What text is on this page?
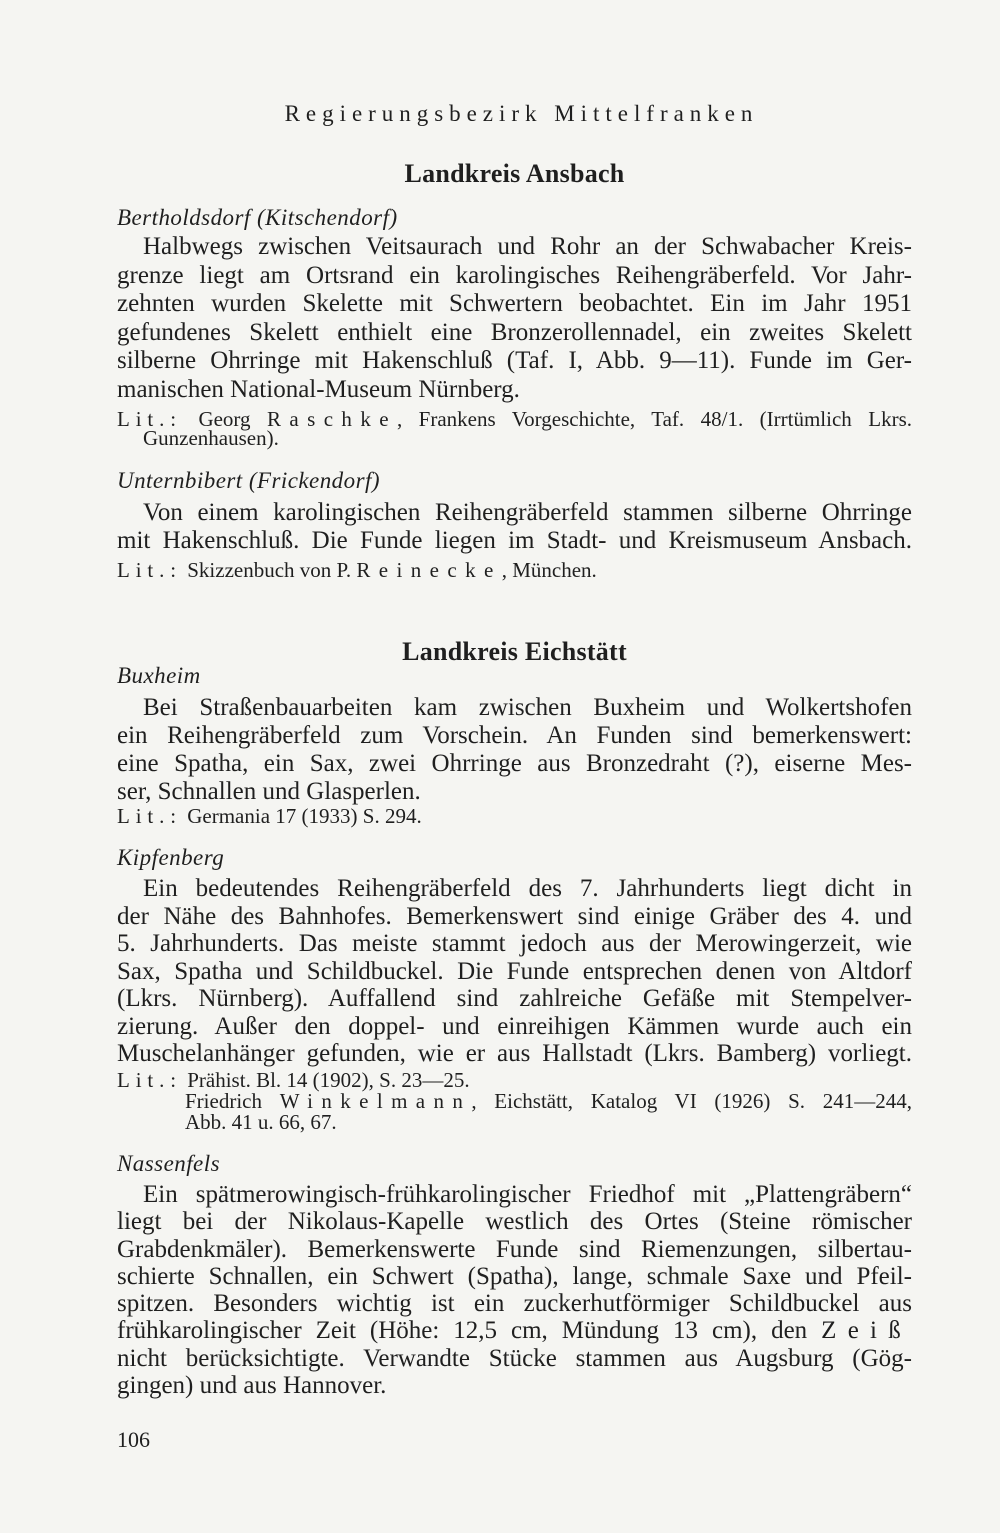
Regierungsbezirk Mittelfranken
Landkreis Ansbach
Bertholdsdorf (Kitschendorf)
Halbwegs zwischen Veitsaurach und Rohr an der Schwabacher Kreis-
grenze liegt am Ortsrand ein karolingisches Reihengräberfeld. Vor Jahr-
zehnten wurden Skelette mit Schwertern beobachtet. Ein im Jahr 1951
gefundenes Skelett enthielt eine Bronzerollennadel, ein zweites Skelett
silberne Ohrringe mit Hakenschluß (Taf. I, Abb. 9—11). Funde im Ger-
manischen National-Museum Nürnberg.
Lit.: Georg Raschke, Frankens Vorgeschichte, Taf. 48/1. (Irrtümlich Lkrs.
Gunzenhausen).
Unternbibert (Frickendorf)
Von einem karolingischen Reihengräberfeld stammen silberne Ohrringe
mit Hakenschluß. Die Funde liegen im Stadt- und Kreismuseum Ansbach.
Lit.: Skizzenbuch von P. Reinecke, München.
Landkreis Eichstätt
Buxheim
Bei Straßenbauarbeiten kam zwischen Buxheim und Wolkertshofen
ein Reihengräberfeld zum Vorschein. An Funden sind bemerkenswert:
eine Spatha, ein Sax, zwei Ohrringe aus Bronzedraht (?), eiserne Mes-
ser, Schnallen und Glasperlen.
Lit.: Germania 17 (1933) S. 294.
Kipfenberg
Ein bedeutendes Reihengräberfeld des 7. Jahrhunderts liegt dicht in
der Nähe des Bahnhofes. Bemerkenswert sind einige Gräber des 4. und
5. Jahrhunderts. Das meiste stammt jedoch aus der Merowingerzeit, wie
Sax, Spatha und Schildbuckel. Die Funde entsprechen denen von Altdorf
(Lkrs. Nürnberg). Auffallend sind zahlreiche Gefäße mit Stempelver-
zierung. Außer den doppel- und einreihigen Kämmen wurde auch ein
Muschelanhänger gefunden, wie er aus Hallstadt (Lkrs. Bamberg) vorliegt.
Lit.: Prähist. Bl. 14 (1902), S. 23—25.
Friedrich Winkelmann, Eichstätt, Katalog VI (1926) S. 241—244,
Abb. 41 u. 66, 67.
Nassenfels
Ein spätmerowingisch-frühkarolingischer Friedhof mit „Plattengräbern“
liegt bei der Nikolaus-Kapelle westlich des Ortes (Steine römischer
Grabdenkmäler). Bemerkenswerte Funde sind Riemenzungen, silbertau-
schierte Schnallen, ein Schwert (Spatha), lange, schmale Saxe und Pfeil-
spitzen. Besonders wichtig ist ein zuckerhutförmiger Schildbuckel aus
frühkarolingischer Zeit (Höhe: 12,5 cm, Mündung 13 cm), den Zeiß
nicht berücksichtigte. Verwandte Stücke stammen aus Augsburg (Gög-
gingen) und aus Hannover.
106
